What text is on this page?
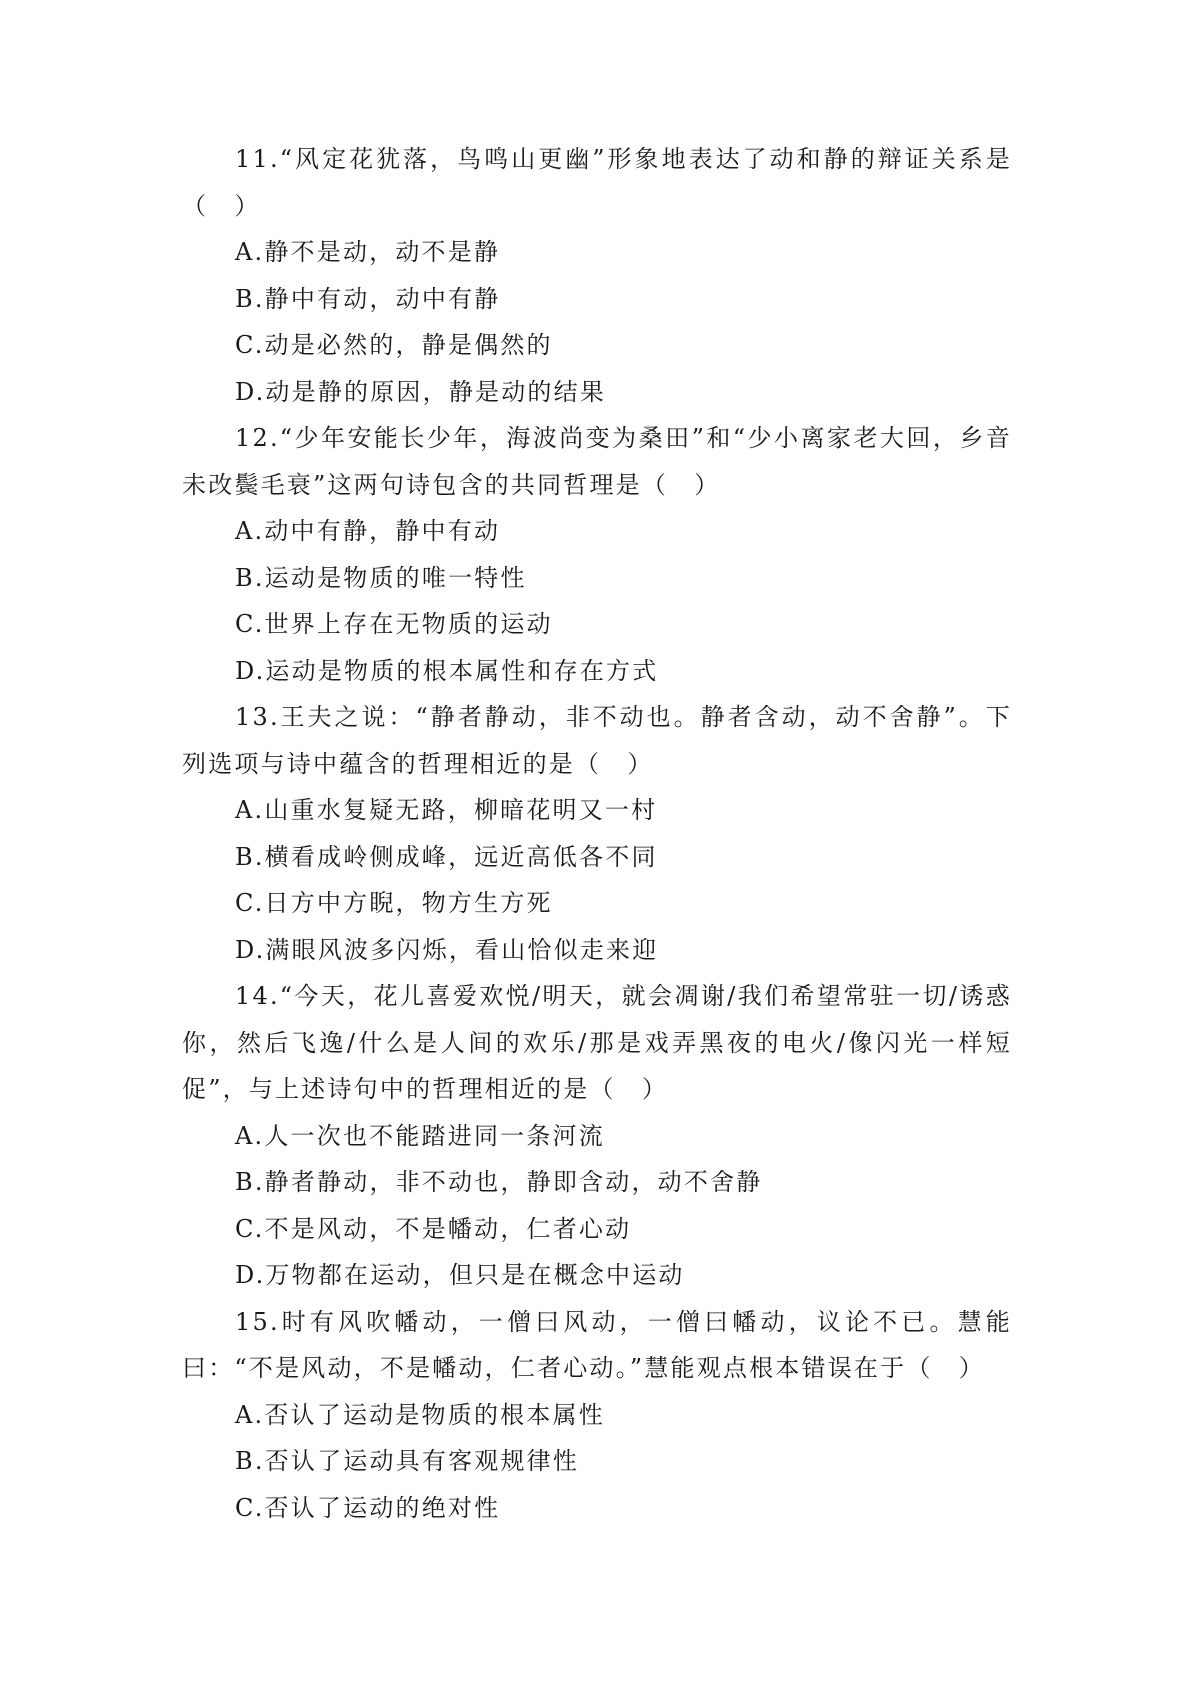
11.“风定花犹落，鸟鸣山更幽”形象地表达了动和静的辩证关系是（　）

A.静不是动，动不是静

B.静中有动，动中有静

C.动是必然的，静是偶然的

D.动是静的原因，静是动的结果

12.“少年安能长少年，海波尚变为桑田”和“少小离家老大回，乡音未改鬓毛衰”这两句诗包含的共同哲理是（　）

A.动中有静，静中有动

B.运动是物质的唯一特性

C.世界上存在无物质的运动

D.运动是物质的根本属性和存在方式

13.王夫之说：“静者静动，非不动也。静者含动，动不舍静”。下列选项与诗中蕴含的哲理相近的是（　）

A.山重水复疑无路，柳暗花明又一村

B.横看成岭侧成峰，远近高低各不同

C.日方中方睨，物方生方死

D.满眼风波多闪烁，看山恰似走来迎

14.“今天，花儿喜爱欢悦/明天，就会凋谢/我们希望常驻一切/诱惑你，然后飞逸/什么是人间的欢乐/那是戏弄黑夜的电火/像闪光一样短促”，与上述诗句中的哲理相近的是（　）

A.人一次也不能踏进同一条河流

B.静者静动，非不动也，静即含动，动不舍静

C.不是风动，不是幡动，仁者心动

D.万物都在运动，但只是在概念中运动

15.时有风吹幡动，一僧曰风动，一僧曰幡动，议论不已。慧能曰：“不是风动，不是幡动，仁者心动。”慧能观点根本错误在于（　）

A.否认了运动是物质的根本属性

B.否认了运动具有客观规律性

C.否认了运动的绝对性
